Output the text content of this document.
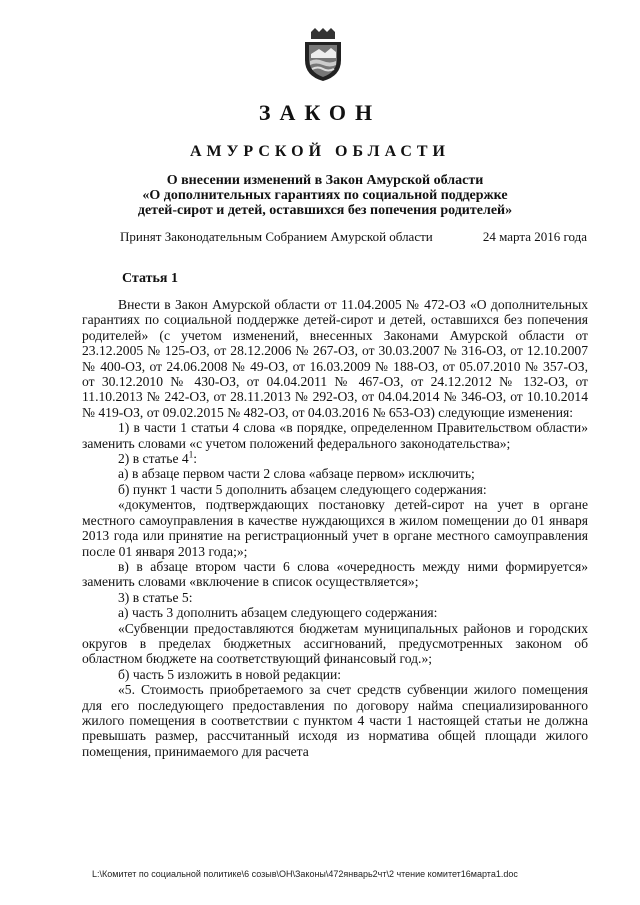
ЗАКОН
АМУРСКОЙ ОБЛАСТИ
О внесении изменений в Закон Амурской области
«О дополнительных гарантиях по социальной поддержке
детей-сирот и детей, оставшихся без попечения родителей»
Принят Законодательным Собранием Амурской области	24 марта 2016 года
Статья 1

Внести в Закон Амурской области от 11.04.2005 № 472-ОЗ «О дополнительных гарантиях по социальной поддержке детей-сирот и детей, оставшихся без попечения родителей» (с учетом изменений, внесенных Законами Амурской области от 23.12.2005 № 125-ОЗ, от 28.12.2006 № 267-ОЗ, от 30.03.2007 № 316-ОЗ, от 12.10.2007 № 400-ОЗ, от 24.06.2008 № 49-ОЗ, от 16.03.2009 № 188-ОЗ, от 05.07.2010 № 357-ОЗ, от 30.12.2010 № 430-ОЗ, от 04.04.2011 № 467-ОЗ, от 24.12.2012 № 132-ОЗ, от 11.10.2013 № 242-ОЗ, от 28.11.2013 № 292-ОЗ, от 04.04.2014 № 346-ОЗ, от 10.10.2014 № 419-ОЗ, от 09.02.2015 № 482-ОЗ, от 04.03.2016 № 653-ОЗ) следующие изменения:

1) в части 1 статьи 4 слова «в порядке, определенном Правительством области» заменить словами «с учетом положений федерального законодательства»;

2) в статье $4^1$:

а) в абзаце первом части 2 слова «абзаце первом» исключить;

б) пункт 1 части 5 дополнить абзацем следующего содержания:

«документов, подтверждающих постановку детей-сирот на учет в органе местного самоуправления в качестве нуждающихся в жилом помещении до 01 января 2013 года или принятие на регистрационный учет в органе местного самоуправления после 01 января 2013 года;»;

в) в абзаце втором части 6 слова «очередность между ними формируется» заменить словами «включение в список осуществляется»;

3) в статье 5:

а) часть 3 дополнить абзацем следующего содержания:

«Субвенции предоставляются бюджетам муниципальных районов и городских округов в пределах бюджетных ассигнований, предусмотренных законом об областном бюджете на соответствующий финансовый год.»;

б) часть 5 изложить в новой редакции:

«5. Стоимость приобретаемого за счет средств субвенции жилого помещения для его последующего предоставления по договору найма специализированного жилого помещения в соответствии с пунктом 4 части 1 настоящей статьи не должна превышать размер, рассчитанный исходя из норматива общей площади жилого помещения, принимаемого для расчета

L:\Комитет по социальной политике\6 созыв\ОН\Законы\472январь2чт\2 чтение комитет16марта1.doc
